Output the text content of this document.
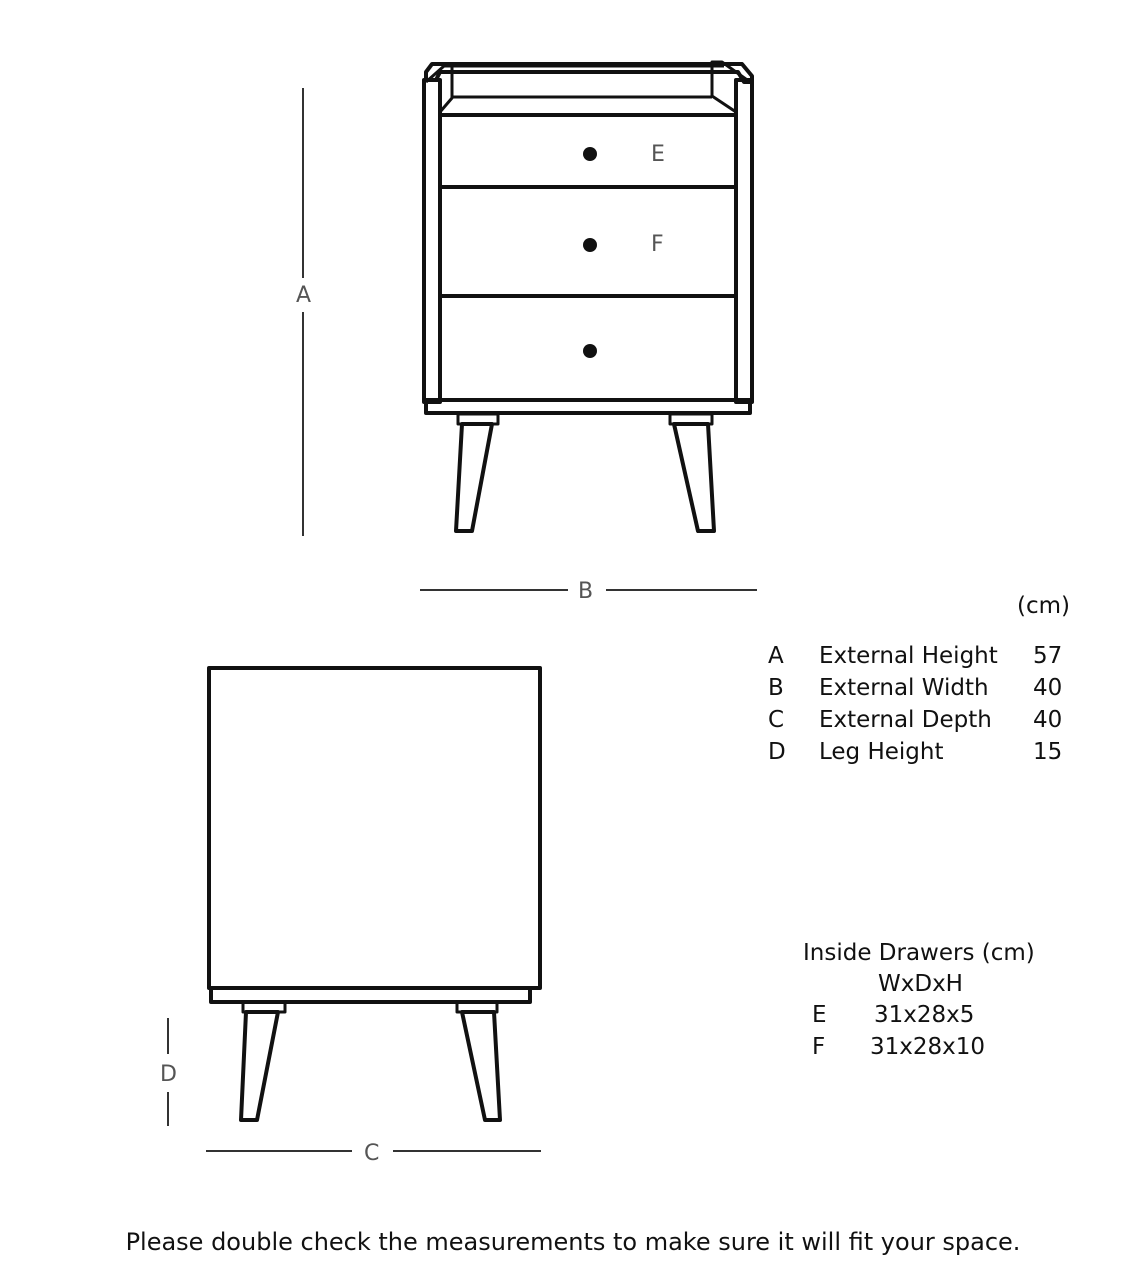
E
F
A
B
D
C
(cm)
A External Height 57
B External Width 40
C External Depth 40
D Leg Height	15
Inside Drawers (cm)
WxDxH
E 31x28x5
F 31x28x10
Please double check the measurements to make sure it will fit your space.
